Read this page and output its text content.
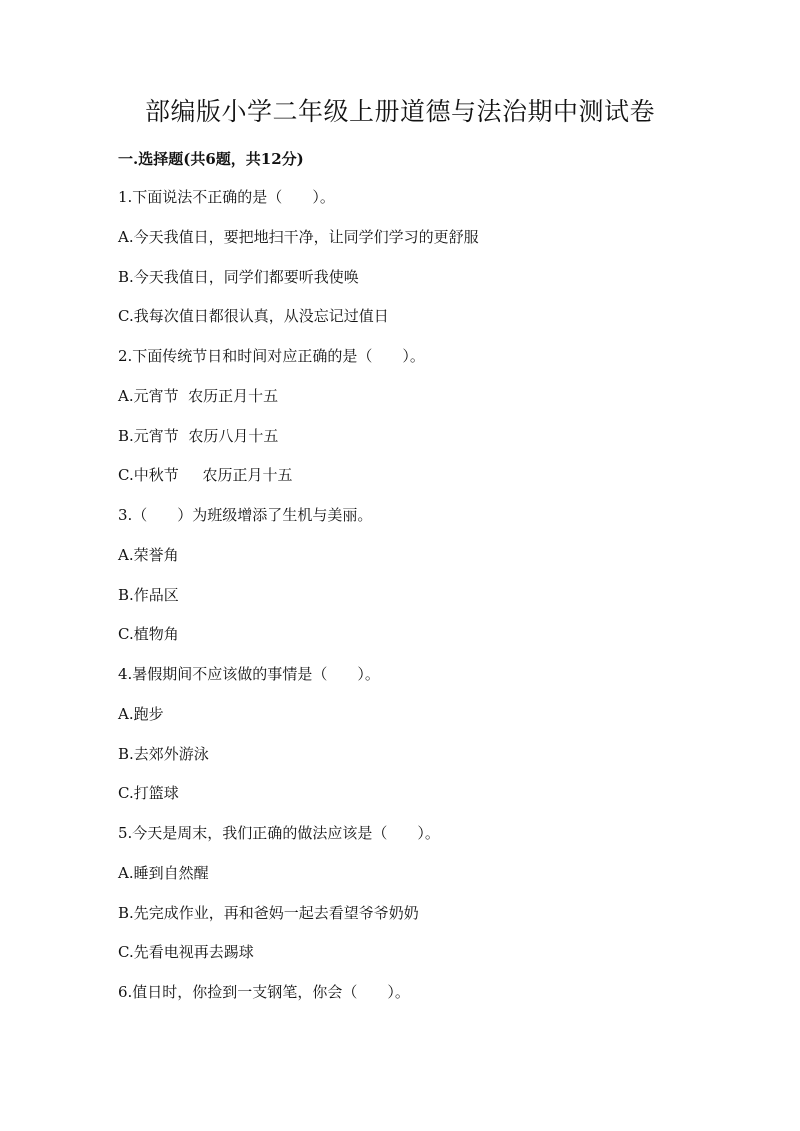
部编版小学二年级上册道德与法治期中测试卷
一.选择题(共6题，共12分)
1.下面说法不正确的是（　　）。
A.今天我值日，要把地扫干净，让同学们学习的更舒服
B.今天我值日，同学们都要听我使唤
C.我每次值日都很认真，从没忘记过值日
2.下面传统节日和时间对应正确的是（　　）。
A.元宵节  农历正月十五
B.元宵节  农历八月十五
C.中秋节     农历正月十五
3.（　　）为班级增添了生机与美丽。
A.荣誉角
B.作品区
C.植物角
4.暑假期间不应该做的事情是（　　）。
A.跑步
B.去郊外游泳
C.打篮球
5.今天是周末，我们正确的做法应该是（　　）。
A.睡到自然醒
B.先完成作业，再和爸妈一起去看望爷爷奶奶
C.先看电视再去踢球
6.值日时，你捡到一支钢笔，你会（　　）。
